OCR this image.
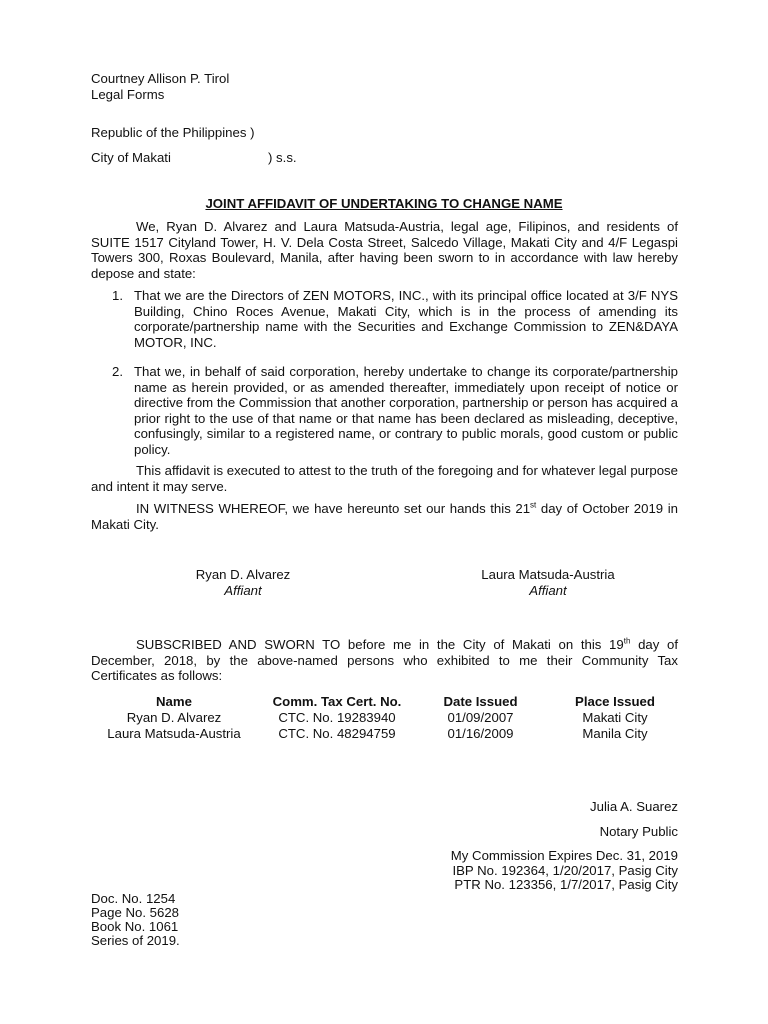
Courtney Allison P. Tirol
Legal Forms
Republic of the Philippines )
City of Makati	) s.s.
JOINT AFFIDAVIT OF UNDERTAKING TO CHANGE NAME
We, Ryan D. Alvarez and Laura Matsuda-Austria, legal age, Filipinos, and residents of SUITE 1517 Cityland Tower, H. V. Dela Costa Street, Salcedo Village, Makati City and 4/F Legaspi Towers 300, Roxas Boulevard, Manila, after having been sworn to in accordance with law hereby depose and state:
1. That we are the Directors of ZEN MOTORS, INC., with its principal office located at 3/F NYS Building, Chino Roces Avenue, Makati City, which is in the process of amending its corporate/partnership name with the Securities and Exchange Commission to ZEN&DAYA MOTOR, INC.
2. That we, in behalf of said corporation, hereby undertake to change its corporate/partnership name as herein provided, or as amended thereafter, immediately upon receipt of notice or directive from the Commission that another corporation, partnership or person has acquired a prior right to the use of that name or that name has been declared as misleading, deceptive, confusingly, similar to a registered name, or contrary to public morals, good custom or public policy.
This affidavit is executed to attest to the truth of the foregoing and for whatever legal purpose and intent it may serve.
IN WITNESS WHEREOF, we have hereunto set our hands this 21st day of October 2019 in Makati City.
Ryan D. Alvarez
Affiant
Laura Matsuda-Austria
Affiant
SUBSCRIBED AND SWORN TO before me in the City of Makati on this 19th day of December, 2018, by the above-named persons who exhibited to me their Community Tax Certificates as follows:
Name	Comm. Tax Cert. No.	Date Issued	Place Issued
Ryan D. Alvarez	CTC. No. 19283940	01/09/2007	Makati City
Laura Matsuda-Austria	CTC. No. 48294759	01/16/2009	Manila City
Julia A. Suarez
Notary Public
My Commission Expires Dec. 31, 2019
IBP No. 192364, 1/20/2017, Pasig City
PTR No. 123356, 1/7/2017, Pasig City
Doc. No. 1254
Page No. 5628
Book No. 1061
Series of 2019.
